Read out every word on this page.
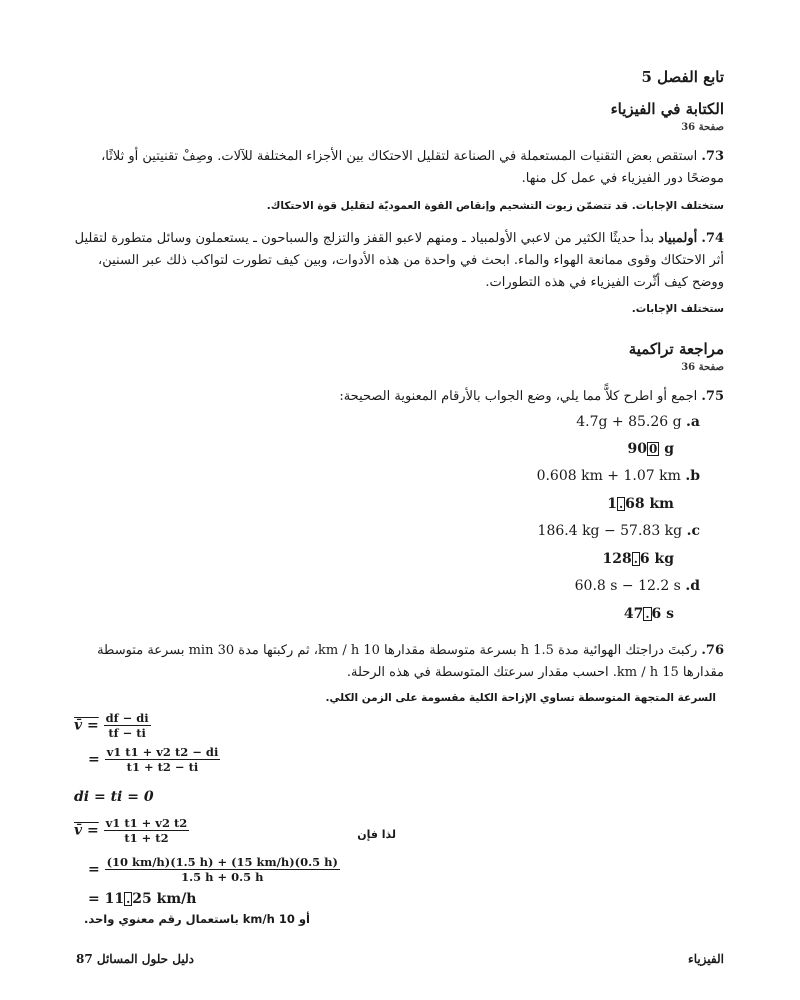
تابع الفصل 5
الكتابة في الفيزياء
صفحة 36
73. استقص بعض التقنيات المستعملة في الصناعة لتقليل الاحتكاك بين الأجزاء المختلفة للآلات. وصِفْ تقنيتين أو ثلاثًا، موضحًا دور الفيزياء في عمل كل منها.
ستختلف الإجابات. قد تتضمّن زيوت التشحيم وإنقاص القوة العموديّة لتقليل قوة الاحتكاك.
74. أولمبياد بدأ حديثًا الكثير من لاعبي الأولمبياد ـ ومنهم لاعبو القفز والتزلج والسباحون ـ يستعملون وسائل متطورة لتقليل أثر الاحتكاك وقوى ممانعة الهواء والماء. ابحث في واحدة من هذه الأدوات، وبين كيف تطورت لتواكب ذلك عبر السنين، ووضح كيف أثّرت الفيزياء في هذه التطورات.
ستختلف الإجابات.
مراجعة تراكمية
صفحة 36
75. اجمع أو اطرح كلاًّ مما يلي، وضع الجواب بالأرقام المعنوية الصحيحة:
4.7g + 85.26 g .a
90 0 g
0.608 km + 1.07 km .b
1 . 68 km
186.4 kg − 57.83 kg .c
128 . 6 kg
60.8 s − 12.2 s .d
47 . 6 s
76. ركبتَ دراجتك الهوائية مدة 1.5 h بسرعة متوسطة مقدارها 10 km / h، ثم ركبتها مدة 30 min بسرعة متوسطة مقدارها 15 km / h. احسب مقدار سرعتك المتوسطة في هذه الرحلة.
السرعة المتجهة المتوسطة تساوي الإزاحة الكلية مقسومة على الزمن الكلي.
v̄ = $\frac{df - di}{tf - ti}$
= $\frac{v1 t1 + v2 t2 - di}{t1 + t2 - ti}$
di = ti = 0
v̄ = $\frac{v1 t1 + v2 t2}{t1 + t2}$	لذا فإن
= $\frac{(10 km/h)(1.5 h) + (15 km/h)(0.5 h)}{1.5 h + 0.5 h}$
= 11 . 25 km/h
أو 10 km/h باستعمال رقم معنوي واحد.
دليل حلول المسائل 87	الفيزياء
